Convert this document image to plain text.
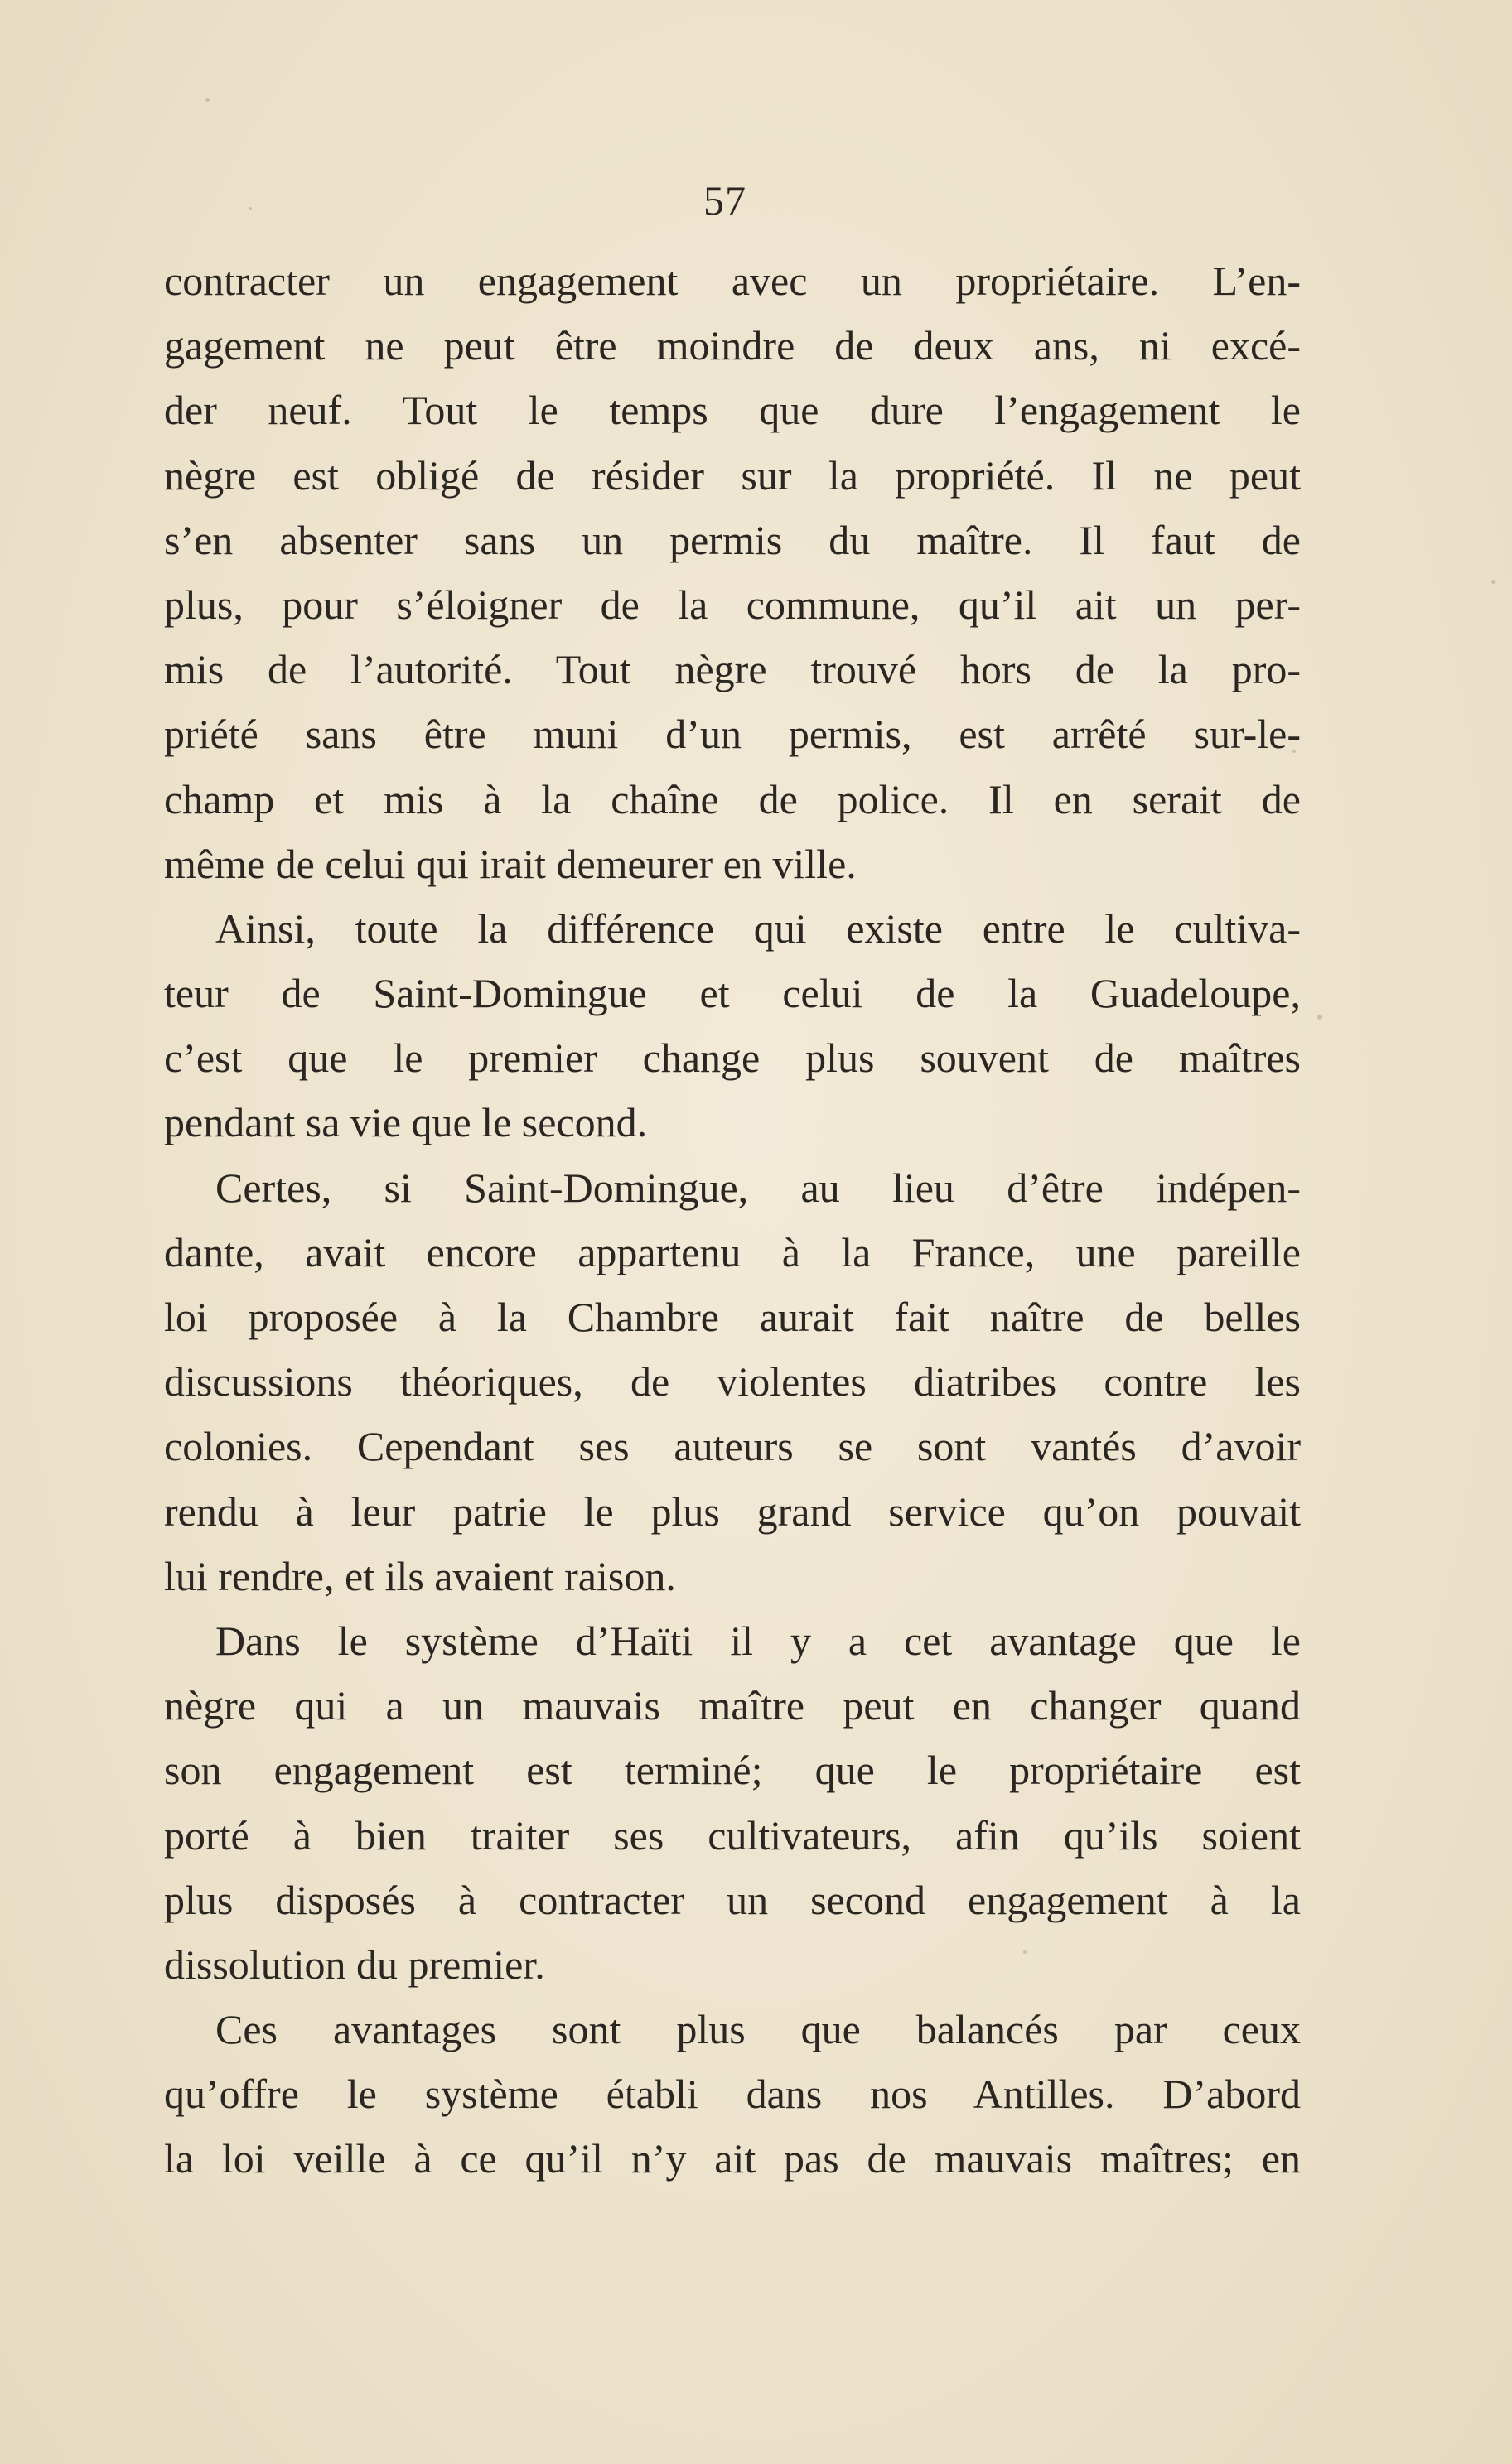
57
contracter un engagement avec un propriétaire. L’en-
gagement ne peut être moindre de deux ans, ni excé-
der neuf. Tout le temps que dure l’engagement le
nègre est obligé de résider sur la propriété. Il ne peut
s’en absenter sans un permis du maître. Il faut de
plus, pour s’éloigner de la commune, qu’il ait un per-
mis de l’autorité. Tout nègre trouvé hors de la pro-
priété sans être muni d’un permis, est arrêté sur-le-
champ et mis à la chaîne de police. Il en serait de
même de celui qui irait demeurer en ville.
Ainsi, toute la différence qui existe entre le cultiva-
teur de Saint-Domingue et celui de la Guadeloupe,
c’est que le premier change plus souvent de maîtres
pendant sa vie que le second.
Certes, si Saint-Domingue, au lieu d’être indépen-
dante, avait encore appartenu à la France, une pareille
loi proposée à la Chambre aurait fait naître de belles
discussions théoriques, de violentes diatribes contre les
colonies. Cependant ses auteurs se sont vantés d’avoir
rendu à leur patrie le plus grand service qu’on pouvait
lui rendre, et ils avaient raison.
Dans le système d’Haïti il y a cet avantage que le
nègre qui a un mauvais maître peut en changer quand
son engagement est terminé; que le propriétaire est
porté à bien traiter ses cultivateurs, afin qu’ils soient
plus disposés à contracter un second engagement à la
dissolution du premier.
Ces avantages sont plus que balancés par ceux
qu’offre le système établi dans nos Antilles. D’abord
la loi veille à ce qu’il n’y ait pas de mauvais maîtres; en
